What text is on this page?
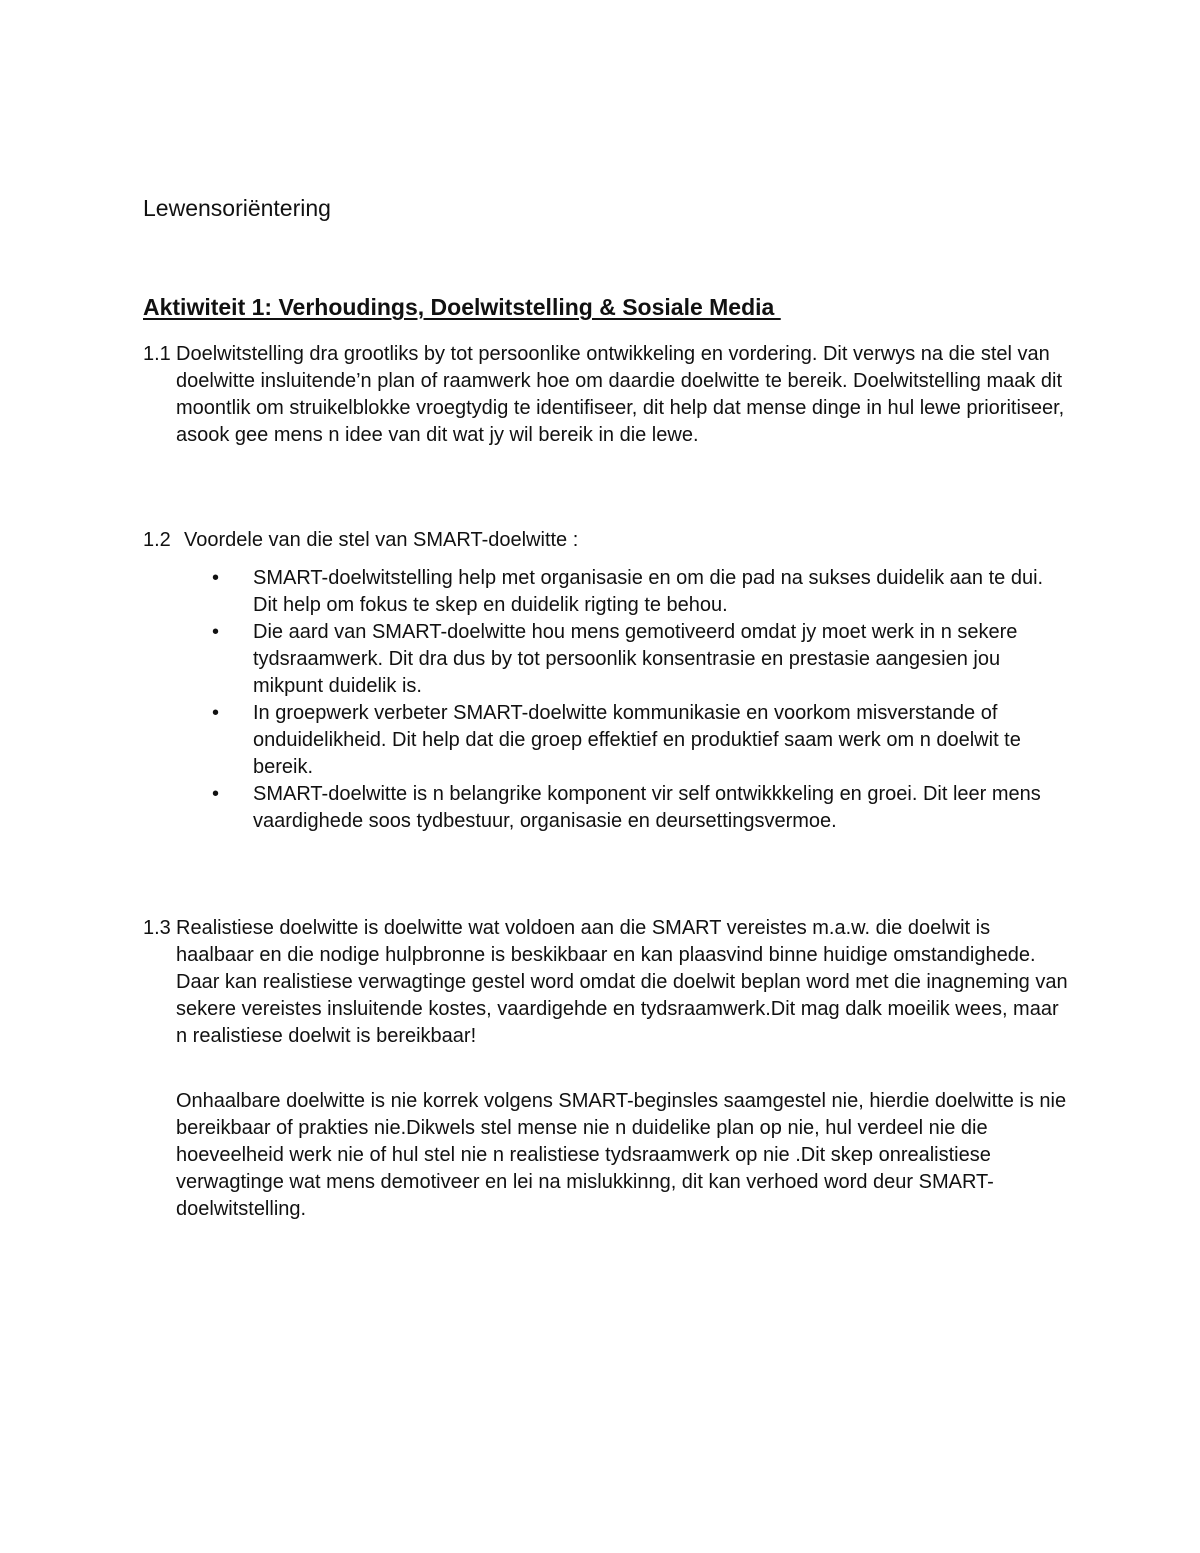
Lewensoriëntering
Aktiwiteit 1: Verhoudings, Doelwitstelling & Sosiale Media
1.1 Doelwitstelling dra grootliks by tot persoonlike ontwikkeling en vordering. Dit verwys na die stel van doelwitte insluitende’n plan of raamwerk hoe om daardie doelwitte te bereik. Doelwitstelling maak dit moontlik om struikelblokke vroegtydig te identifiseer, dit help dat mense dinge in hul lewe prioritiseer, asook gee mens n idee van dit wat jy wil bereik in die lewe.
1.2 Voordele van die stel van SMART-doelwitte :
•	SMART-doelwitstelling help met organisasie en om die pad na sukses duidelik aan te dui. Dit help om fokus te skep en duidelik rigting te behou.
•	Die aard van SMART-doelwitte hou mens gemotiveerd omdat jy moet werk in n sekere tydsraamwerk. Dit dra dus by tot persoonlik konsentrasie en prestasie aangesien jou mikpunt duidelik is.
•	In groepwerk verbeter SMART-doelwitte kommunikasie en voorkom misverstande of onduidelikheid. Dit help dat die groep effektief en produktief saam werk om n doelwit te bereik.
•	SMART-doelwitte is n belangrike komponent vir self ontwikkkeling en groei. Dit leer mens vaardighede soos tydbestuur, organisasie en deursettingsvermoe.
1.3 Realistiese doelwitte is doelwitte wat voldoen aan die SMART vereistes m.a.w. die doelwit is haalbaar en die nodige hulpbronne is beskikbaar en kan plaasvind binne huidige omstandighede. Daar kan realistiese verwagtinge gestel word omdat die doelwit beplan word met die inagneming van sekere vereistes insluitende kostes, vaardigehde en tydsraamwerk.Dit mag dalk moeilik wees, maar n realistiese doelwit is bereikbaar!

Onhaalbare doelwitte is nie korrek volgens SMART-beginsles saamgestel nie, hierdie doelwitte is nie bereikbaar of prakties nie.Dikwels stel mense nie n duidelike plan op nie, hul verdeel nie die hoeveelheid werk nie of hul stel nie n realistiese tydsraamwerk op nie .Dit skep onrealistiese verwagtinge wat mens demotiveer en lei na mislukkinng, dit kan verhoed word deur SMART-doelwitstelling.
